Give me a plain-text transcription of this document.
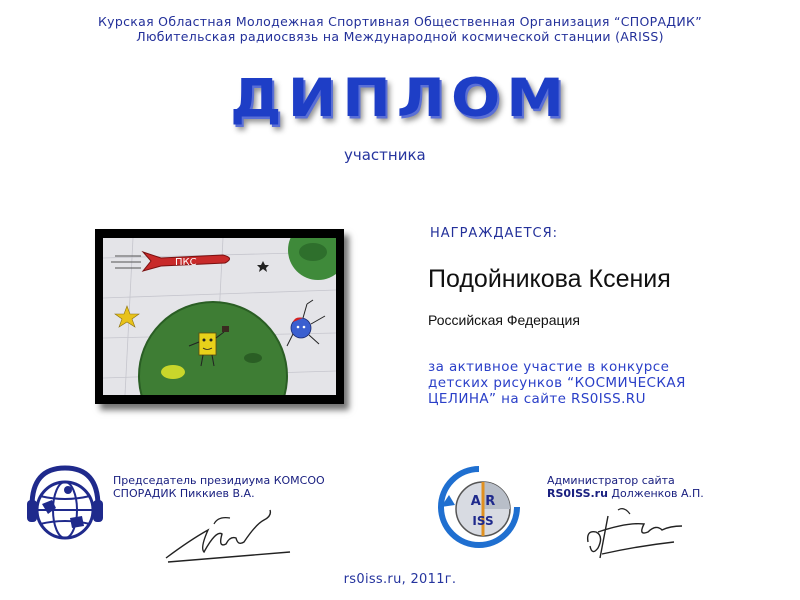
Курская Областная Молодежная Спортивная Общественная Организация “СПОРАДИК”
Любительская радиосвязь на Международной космической станции (ARISS)
ДИПЛОМ
участника
ПКС
НАГРАЖДАЕТСЯ:
Подойникова Ксения
Российская Федерация
за активное участие в конкурсе
детских рисунков “КОСМИЧЕСКАЯ
ЦЕЛИНА” на сайте RS0ISS.RU
Председатель президиума КОМСОО
СПОРАДИК Пиккиев В.А.
A R
ISS
Администратор сайта
RS0ISS.ru Долженков А.П.
rs0iss.ru, 2011г.
